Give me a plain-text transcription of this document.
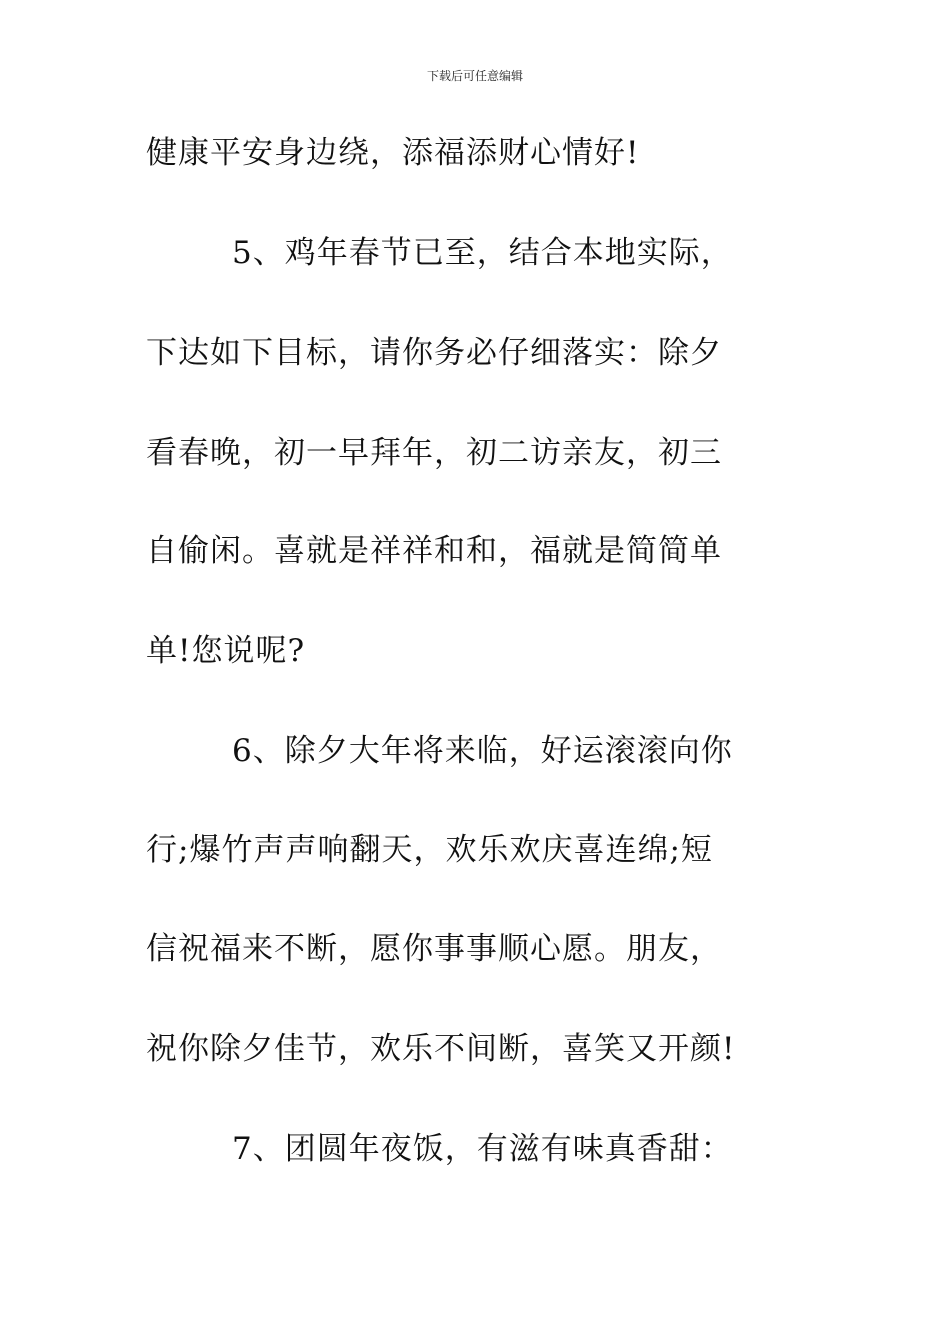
下载后可任意编辑
健康平安身边绕，添福添财心情好!
5、鸡年春节已至，结合本地实际，
下达如下目标，请你务必仔细落实：除夕
看春晚，初一早拜年，初二访亲友，初三
自偷闲。喜就是祥祥和和，福就是简简单
单!您说呢?
6、除夕大年将来临，好运滚滚向你
行;爆竹声声响翻天，欢乐欢庆喜连绵;短
信祝福来不断，愿你事事顺心愿。朋友，
祝你除夕佳节，欢乐不间断，喜笑又开颜!
7、团圆年夜饭，有滋有味真香甜：
